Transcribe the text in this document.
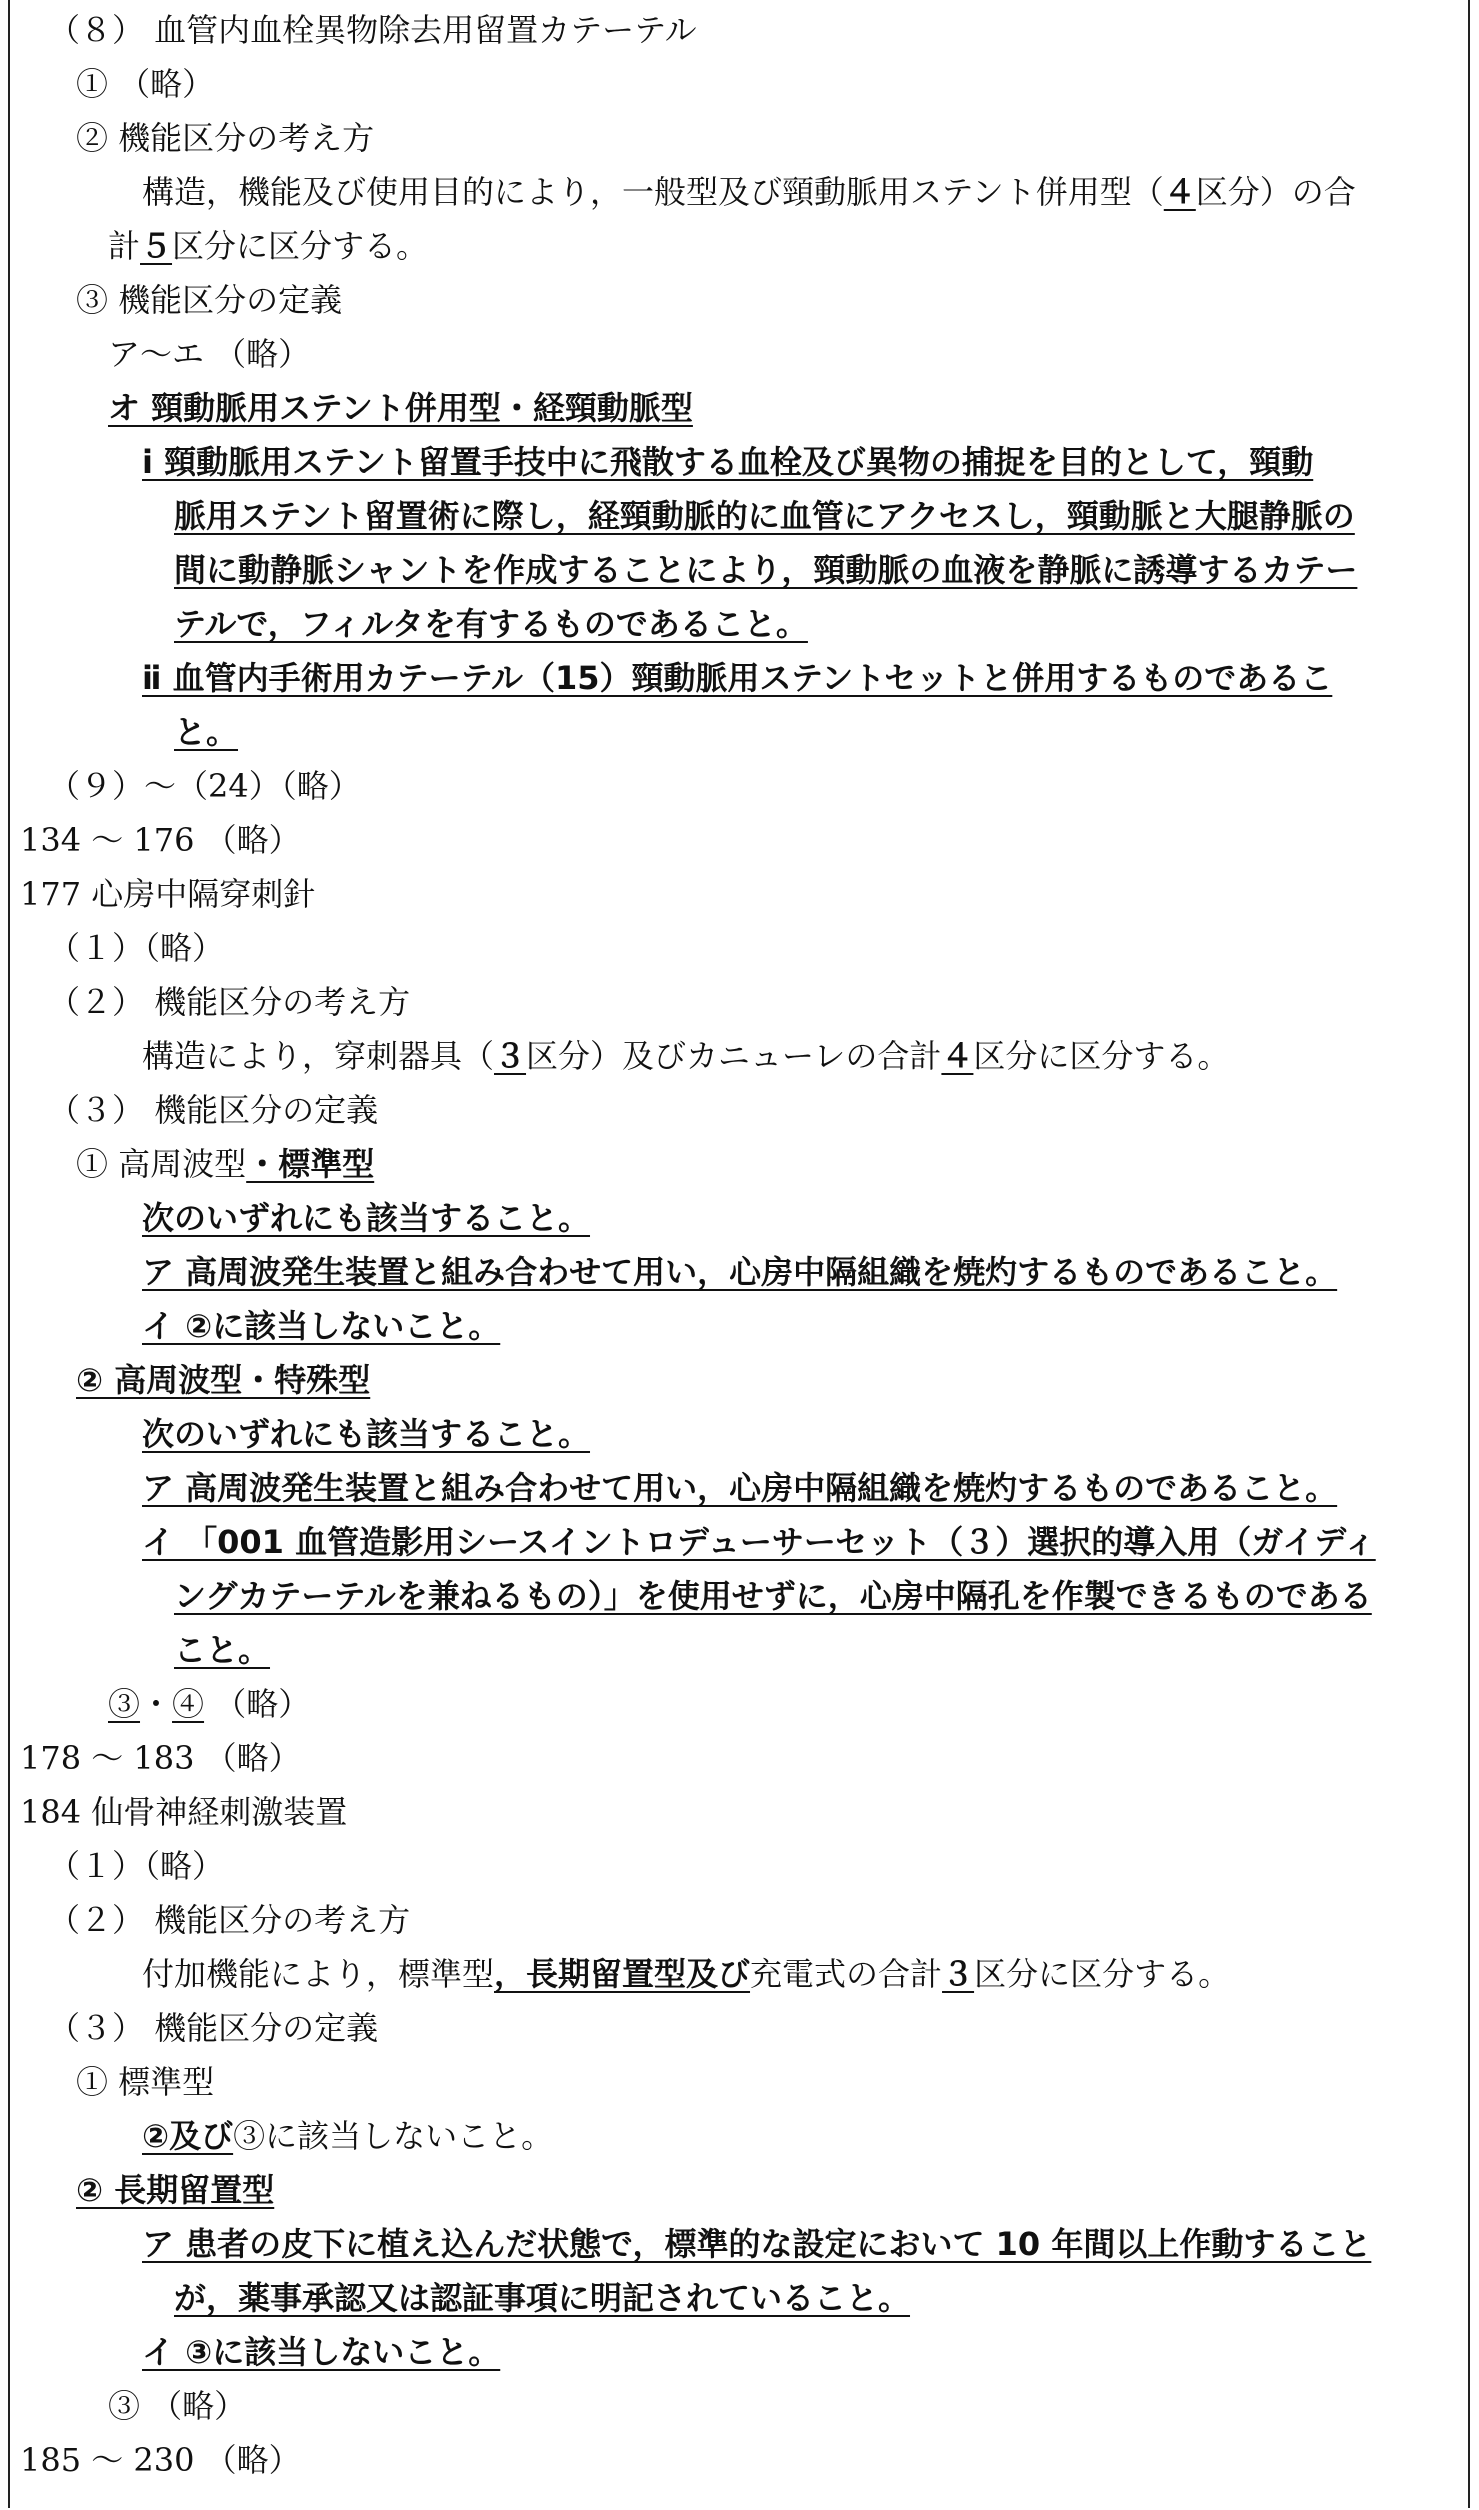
（８） 血管内血栓異物除去用留置カテーテル
① （略）
② 機能区分の考え方
構造，機能及び使用目的により，一般型及び頸動脈用ステント併用型（４区分）の合
計５区分に区分する。
③ 機能区分の定義
ア～エ （略）
オ 頸動脈用ステント併用型・経頸動脈型
ⅰ 頸動脈用ステント留置手技中に飛散する血栓及び異物の捕捉を目的として，頸動
脈用ステント留置術に際し，経頸動脈的に血管にアクセスし，頸動脈と大腿静脈の
間に動静脈シャントを作成することにより，頸動脈の血液を静脈に誘導するカテー
テルで，フィルタを有するものであること。
ⅱ 血管内手術用カテーテル（15）頸動脈用ステントセットと併用するものであるこ
と。
（９）～（24）（略）
134 ～ 176 （略）
177 心房中隔穿刺針
（１）（略）
（２） 機能区分の考え方
構造により，穿刺器具（３区分）及びカニューレの合計４区分に区分する。
（３） 機能区分の定義
① 高周波型・標準型
次のいずれにも該当すること。
ア 高周波発生装置と組み合わせて用い，心房中隔組織を焼灼するものであること。
イ ②に該当しないこと。
② 高周波型・特殊型
次のいずれにも該当すること。
ア 高周波発生装置と組み合わせて用い，心房中隔組織を焼灼するものであること。
イ 「001 血管造影用シースイントロデューサーセット（３）選択的導入用（ガイディ
ングカテーテルを兼ねるもの）」を使用せずに，心房中隔孔を作製できるものである
こと。
③・④ （略）
178 ～ 183 （略）
184 仙骨神経刺激装置
（１）（略）
（２） 機能区分の考え方
付加機能により，標準型，長期留置型及び充電式の合計３区分に区分する。
（３） 機能区分の定義
① 標準型
②及び③に該当しないこと。
② 長期留置型
ア 患者の皮下に植え込んだ状態で，標準的な設定において 10 年間以上作動すること
が，薬事承認又は認証事項に明記されていること。
イ ③に該当しないこと。
③ （略）
185 ～ 230 （略）
